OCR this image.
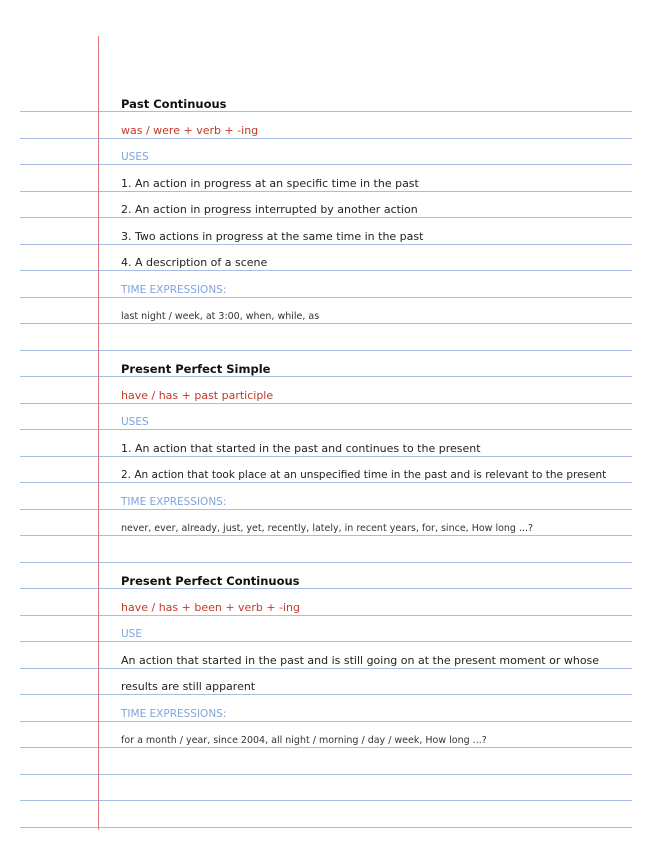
Past Continuous
was / were + verb + -ing
USES
1. An action in progress at an specific time in the past
2. An action in progress interrupted by another action
3. Two actions in progress at the same time in the past
4. A description of a scene
TIME EXPRESSIONS:
last night / week, at 3:00, when, while, as
Present Perfect Simple
have / has + past participle
USES
1. An action that started in the past and continues to the present
2. An action that took place at an unspecified time in the past and is relevant to the present
TIME EXPRESSIONS:
never, ever, already, just, yet, recently, lately, in recent years, for, since, How long ...?
Present Perfect Continuous
have / has + been + verb + -ing
USE
An action that started in the past and is still going on at the present moment or whose
results are still apparent
TIME EXPRESSIONS:
for a month / year, since 2004, all night / morning / day / week, How long ...?
